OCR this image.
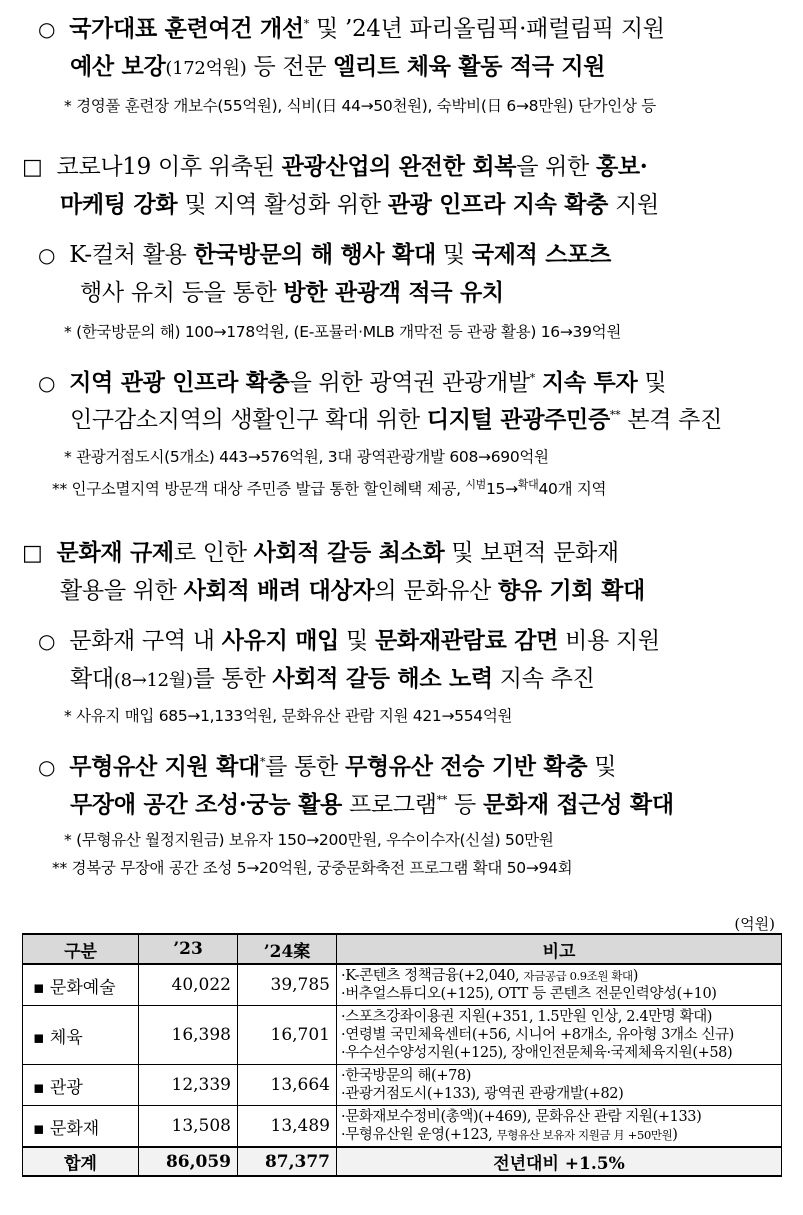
○ 국가대표 훈련여건 개선* 및 ’24년 파리올림픽·패럴림픽 지원
예산 보강(172억원) 등 전문 엘리트 체육 활동 적극 지원
* 경영풀 훈련장 개보수(55억원), 식비(日 44→50천원), 숙박비(日 6→8만원) 단가인상 등
□ 코로나19 이후 위축된 관광산업의 완전한 회복을 위한 홍보·
마케팅 강화 및 지역 활성화 위한 관광 인프라 지속 확충 지원
○ K-컬처 활용 한국방문의 해 행사 확대 및 국제적 스포츠
행사 유치 등을 통한 방한 관광객 적극 유치
* (한국방문의 해) 100→178억원, (E-포뮬러·MLB 개막전 등 관광 활용) 16→39억원
○ 지역 관광 인프라 확충을 위한 광역권 관광개발* 지속 투자 및
인구감소지역의 생활인구 확대 위한 디지털 관광주민증** 본격 추진
* 관광거점도시(5개소) 443→576억원, 3대 광역관광개발 608→690억원
** 인구소멸지역 방문객 대상 주민증 발급 통한 할인혜택 제공, $^{시범}$15→$^{확대}$40개 지역
□ 문화재 규제로 인한 사회적 갈등 최소화 및 보편적 문화재
활용을 위한 사회적 배려 대상자의 문화유산 향유 기회 확대
○ 문화재 구역 내 사유지 매입 및 문화재관람료 감면 비용 지원
확대(8→12월)를 통한 사회적 갈등 해소 노력 지속 추진
* 사유지 매입 685→1,133억원, 문화유산 관람 지원 421→554억원
○ 무형유산 지원 확대*를 통한 무형유산 전승 기반 확충 및
무장애 공간 조성·궁능 활용 프로그램** 등 문화재 접근성 확대
* (무형유산 월정지원금) 보유자 150→200만원, 우수이수자(신설) 50만원
** 경복궁 무장애 공간 조성 5→20억원, 궁중문화축전 프로그램 확대 50→94회
(억원)
구분	’23	’24案	비고
▪ 문화예술	40,022	39,785	·K-콘텐츠 정책금융(+2,040, 자금공급 0.9조원 확대)
·버추얼스튜디오(+125), OTT 등 콘텐츠 전문인력양성(+10)

▪ 체육	16,398	16,701	·스포츠강좌이용권 지원(+351, 1.5만원 인상, 2.4만명 확대)
·연령별 국민체육센터(+56, 시니어 +8개소, 유아형 3개소 신규)
·우수선수양성지원(+125), 장애인전문체육·국제체육지원(+58)

▪ 관광	12,339	13,664	·한국방문의 해(+78)
·관광거점도시(+133), 광역권 관광개발(+82)

▪ 문화재	13,508	13,489	·문화재보수정비(총액)(+469), 문화유산 관람 지원(+133)
·무형유산원 운영(+123, 무형유산 보유자 지원금 月 +50만원)

합계	86,059	87,377	전년대비 +1.5%
